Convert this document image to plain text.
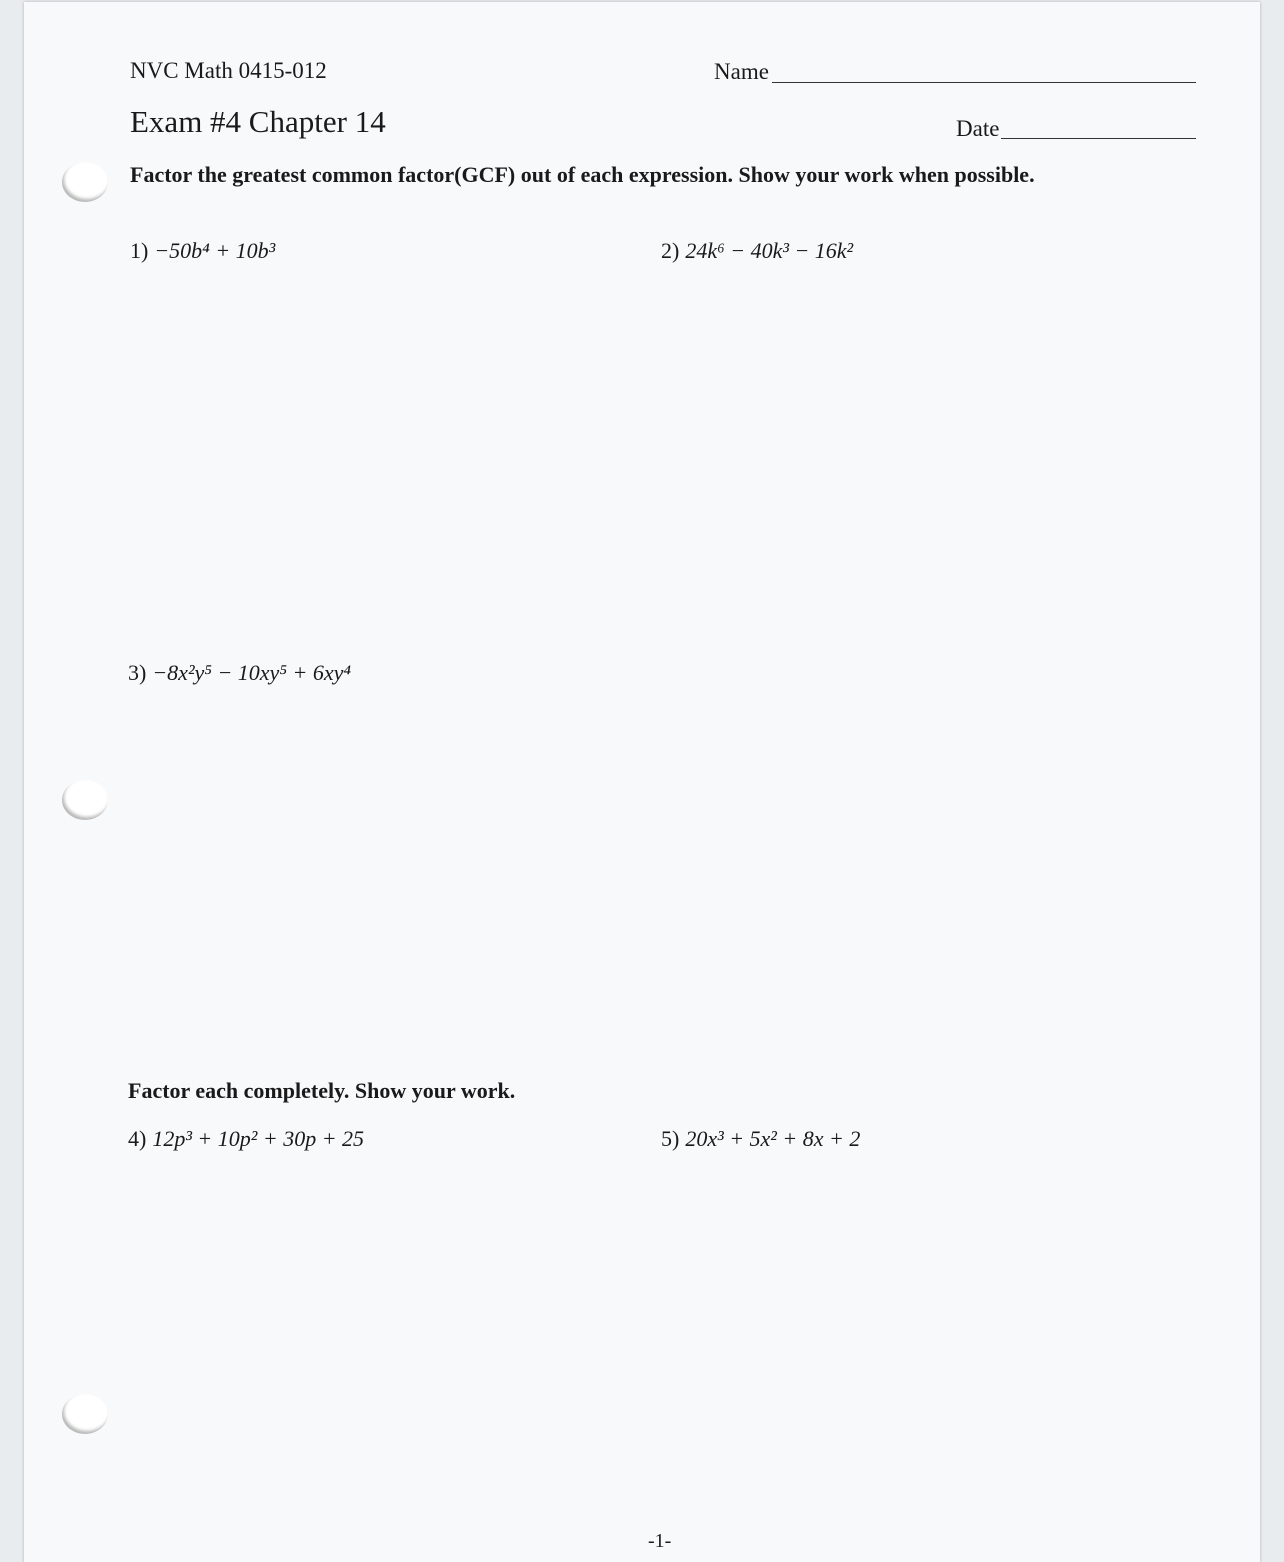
NVC Math 0415-012
Exam #4 Chapter 14
Name
Date
Factor the greatest common factor(GCF) out of each expression. Show your work when possible.
1) −50b⁴ + 10b³	2) 24k⁶ − 40k³ − 16k²
3) −8x²y⁵ − 10xy⁵ + 6xy⁴
Factor each completely. Show your work.
4) 12p³ + 10p² + 30p + 25	5) 20x³ + 5x² + 8x + 2
-1-
